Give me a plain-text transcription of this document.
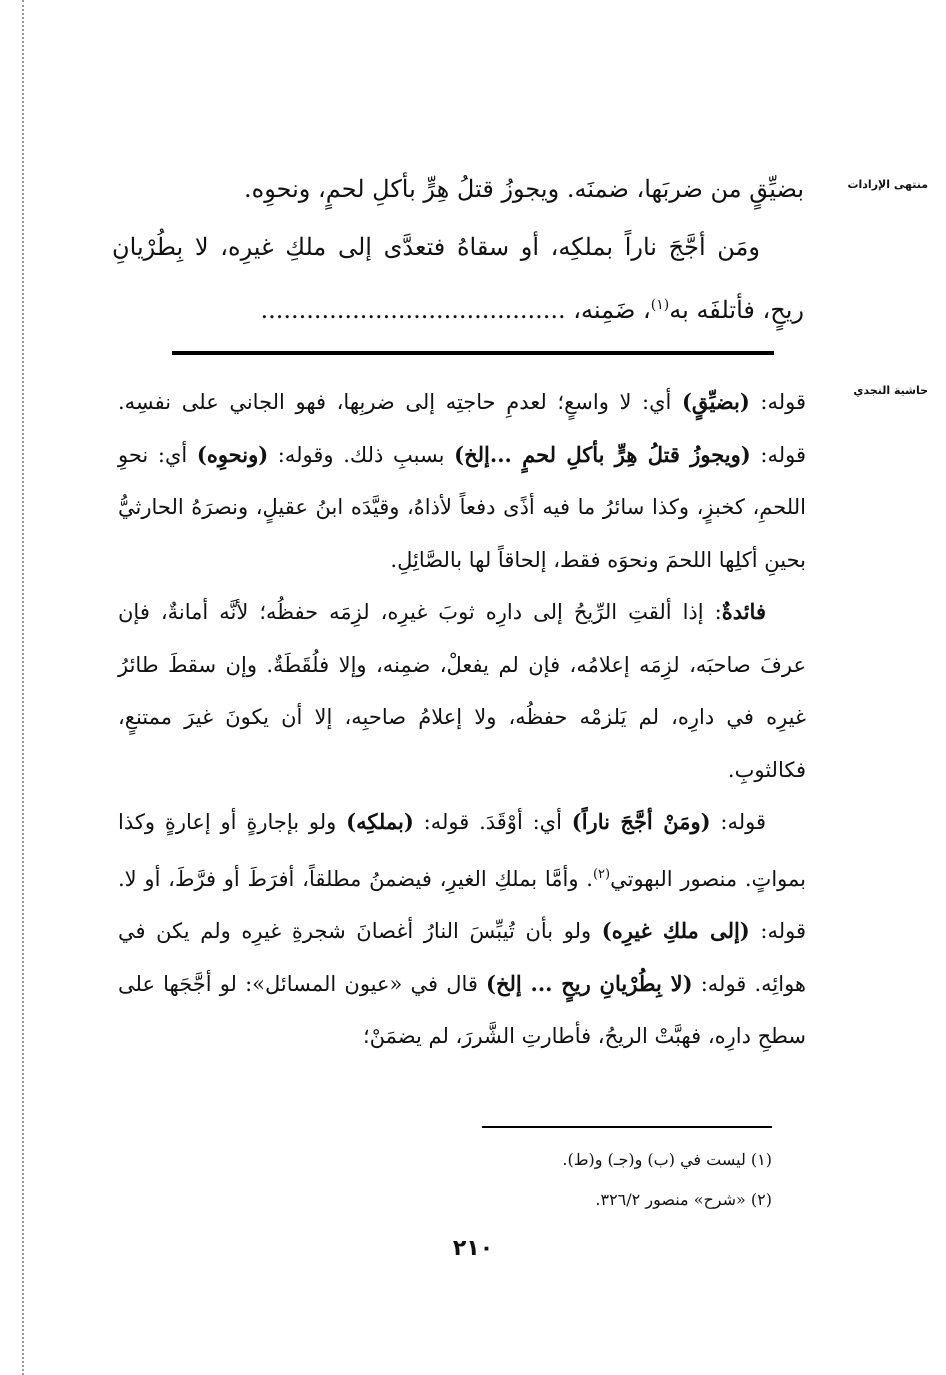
منتهى الإرادات
حاشية النجدي

بضيِّقٍ من ضربَها، ضمنَه. ويجوزُ قتلُ هِرٍّ بأكلِ لحمٍ، ونحوِه.

ومَن أجَّجَ ناراً بملكِه، أو سقاهُ فتعدَّى إلى ملكِ غيرِه، لا بِطُرْيانِ ريحٍ، فأتلفَه به$^{(١)}$، ضَمِنه، ........................................

قوله: (بضيِّقٍ) أي: لا واسعٍ؛ لعدمِ حاجتِه إلى ضربِها، فهو الجاني على نفسِه. قوله: (ويجوزُ قتلُ هِرٍّ بأكلِ لحمٍ ...إلخ) بسببِ ذلك. وقوله: (ونحوِه) أي: نحوِ اللحمِ، كخبزٍ، وكذا سائرُ ما فيه أذًى دفعاً لأذاهُ، وقيَّدَه ابنُ عقيلٍ، ونصرَهُ الحارثيُّ بحينِ أكلِها اللحمَ ونحوَه فقط، إلحاقاً لها بالصَّائِلِ.

فائدةٌ: إذا ألقتِ الرِّيحُ إلى دارِه ثوبَ غيرِه، لزِمَه حفظُه؛ لأنَّه أمانةٌ، فإن عرفَ صاحبَه، لزِمَه إعلامُه، فإن لم يفعلْ، ضمِنه، وإلا فلُقَطَةٌ. وإن سقطَ طائرُ غيرِه في دارِه، لم يَلزمْه حفظُه، ولا إعلامُ صاحبِه، إلا أن يكونَ غيرَ ممتنعٍ، فكالثوبِ.

قوله: (ومَنْ أجَّجَ ناراً) أي: أوْقَدَ. قوله: (بملكِه) ولو بإجارةٍ أو إعارةٍ وكذا بمواتٍ. منصور البهوتي$^{(٢)}$. وأمَّا بملكِ الغيرِ، فيضمنُ مطلقاً، أفرَطَ أو فرَّطَ، أو لا. قوله: (إلى ملكِ غيرِه) ولو بأن تُيبِّسَ النارُ أغصانَ شجرةِ غيرِه ولم يكن في هوائِه. قوله: (لا بِطُرْيانِ ريحٍ ... إلخ) قال في «عيون المسائل»: لو أجَّجَها على سطحِ دارِه، فهبَّتْ الريحُ، فأطارتِ الشَّررَ، لم يضمَنْ؛

(١) ليست في (ب) و(جـ) و(ط).
(٢) «شرح» منصور ٣٢٦/٢.
٢١٠
